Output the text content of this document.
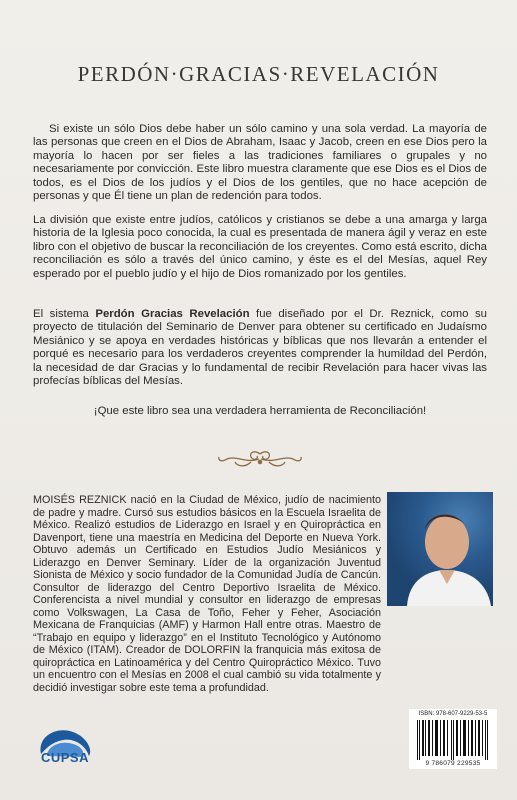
PERDÓN·GRACIAS·REVELACIÓN
Si existe un sólo Dios debe haber un sólo camino y una sola verdad. La mayoría de las personas que creen en el Dios de Abraham, Isaac y Jacob, creen en ese Dios pero la mayoría lo hacen por ser fieles a las tradiciones familiares o grupales y no necesariamente por convicción. Este libro muestra claramente que ese Dios es el Dios de todos, es el Dios de los judíos y el Dios de los gentiles, que no hace acepción de personas y que Él tiene un plan de redención para todos.
La división que existe entre judíos, católicos y cristianos se debe a una amarga y larga historia de la Iglesia poco conocida, la cual es presentada de manera ágil y veraz en este libro con el objetivo de buscar la reconciliación de los creyentes. Como está escrito, dicha reconciliación es sólo a través del único camino, y éste es el del Mesías, aquel Rey esperado por el pueblo judío y el hijo de Dios romanizado por los gentiles.
El sistema Perdón Gracias Revelación fue diseñado por el Dr. Reznick, como su proyecto de titulación del Seminario de Denver para obtener su certificado en Judaísmo Mesiánico y se apoya en verdades históricas y bíblicas que nos llevarán a entender el porqué es necesario para los verdaderos creyentes comprender la humildad del Perdón, la necesidad de dar Gracias y lo fundamental de recibir Revelación para hacer vivas las profecías bíblicas del Mesías.
¡Que este libro sea una verdadera herramienta de Reconciliación!
MOISÉS REZNICK nació en la Ciudad de México, judío de nacimiento de padre y madre. Cursó sus estudios básicos en la Escuela Israelita de México. Realizó estudios de Liderazgo en Israel y en Quiropráctica en Davenport, tiene una maestría en Medicina del Deporte en Nueva York. Obtuvo además un Certificado en Estudios Judío Mesiánicos y Liderazgo en Denver Seminary. Líder de la organización Juventud Sionista de México y socio fundador de la Comunidad Judía de Cancún. Consultor de liderazgo del Centro Deportivo Israelita de México. Conferencista a nivel mundial y consultor en liderazgo de empresas como Volkswagen, La Casa de Toño, Feher y Feher, Asociación Mexicana de Franquicias (AMF) y Harmon Hall entre otras. Maestro de “Trabajo en equipo y liderazgo” en el Instituto Tecnológico y Autónomo de México (ITAM). Creador de DOLORFIN la franquicia más exitosa de quiropráctica en Latinoamérica y del Centro Quiropráctico México. Tuvo un encuentro con el Mesías en 2008 el cual cambió su vida totalmente y decidió investigar sobre este tema a profundidad.
CUPSA
ISBN: 978-607-9229-53-5
9 786079 229535
